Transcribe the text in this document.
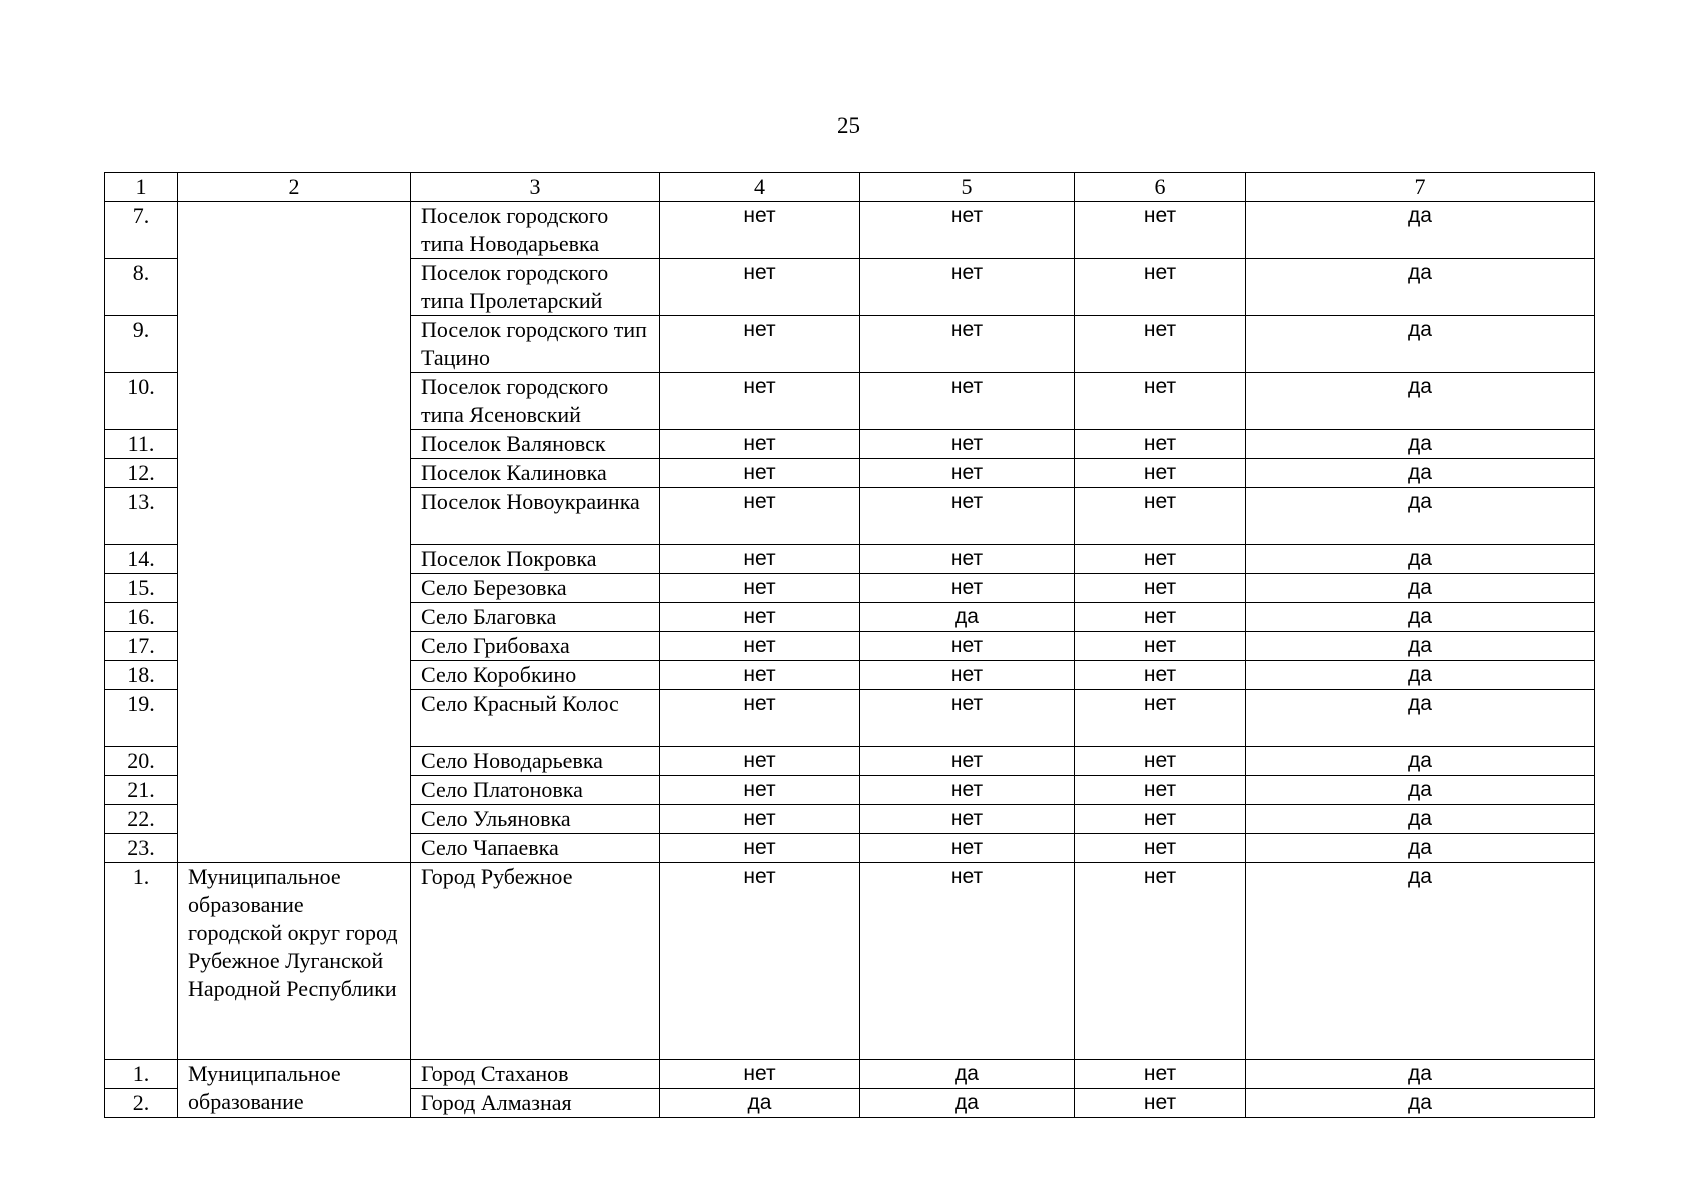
25
1	2	3	4	5	6	7
7.		Поселок городского типа Новодарьевка	нет	нет	нет	да
8.		Поселок городского типа Пролетарский	нет	нет	нет	да
9.		Поселок городского тип Тацино	нет	нет	нет	да
10.		Поселок городского типа Ясеновский	нет	нет	нет	да
11.		Поселок Валяновск	нет	нет	нет	да
12.		Поселок Калиновка	нет	нет	нет	да
13.		Поселок Новоукраинка	нет	нет	нет	да
14.		Поселок Покровка	нет	нет	нет	да
15.		Село Березовка	нет	нет	нет	да
16.		Село Благовка	нет	да	нет	да
17.		Село Грибоваха	нет	нет	нет	да
18.		Село Коробкино	нет	нет	нет	да
19.		Село Красный Колос	нет	нет	нет	да
20.		Село Новодарьевка	нет	нет	нет	да
21.		Село Платоновка	нет	нет	нет	да
22.		Село Ульяновка	нет	нет	нет	да
23.		Село Чапаевка	нет	нет	нет	да
1.	Муниципальное образование городской округ город Рубежное Луганской Народной Республики	Город Рубежное	нет	нет	нет	да
1.	Муниципальное образование	Город Стаханов	нет	да	нет	да
2.		Город Алмазная	да	да	нет	да
